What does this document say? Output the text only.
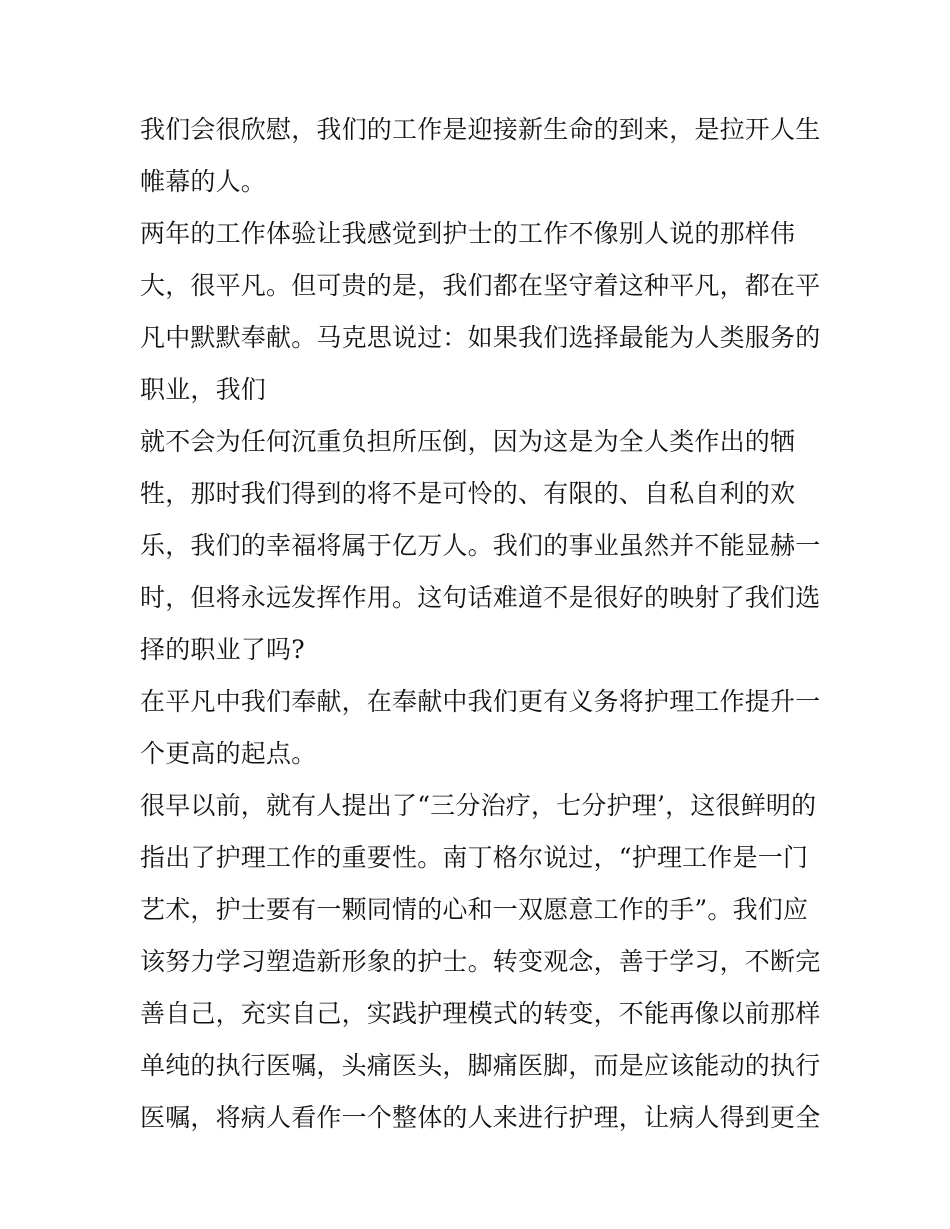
我们会很欣慰，我们的工作是迎接新生命的到来，是拉开人生
帷幕的人。
两年的工作体验让我感觉到护士的工作不像别人说的那样伟
大，很平凡。但可贵的是，我们都在坚守着这种平凡，都在平
凡中默默奉献。马克思说过：如果我们选择最能为人类服务的
职业，我们
就不会为任何沉重负担所压倒，因为这是为全人类作出的牺
牲，那时我们得到的将不是可怜的、有限的、自私自利的欢
乐，我们的幸福将属于亿万人。我们的事业虽然并不能显赫一
时，但将永远发挥作用。这句话难道不是很好的映射了我们选
择的职业了吗?
在平凡中我们奉献，在奉献中我们更有义务将护理工作提升一
个更高的起点。
很早以前，就有人提出了“三分治疗，七分护理’，这很鲜明的
指出了护理工作的重要性。南丁格尔说过，“护理工作是一门
艺术，护士要有一颗同情的心和一双愿意工作的手”。我们应
该努力学习塑造新形象的护士。转变观念，善于学习，不断完
善自己，充实自己，实践护理模式的转变，不能再像以前那样
单纯的执行医嘱，头痛医头，脚痛医脚，而是应该能动的执行
医嘱，将病人看作一个整体的人来进行护理，让病人得到更全
